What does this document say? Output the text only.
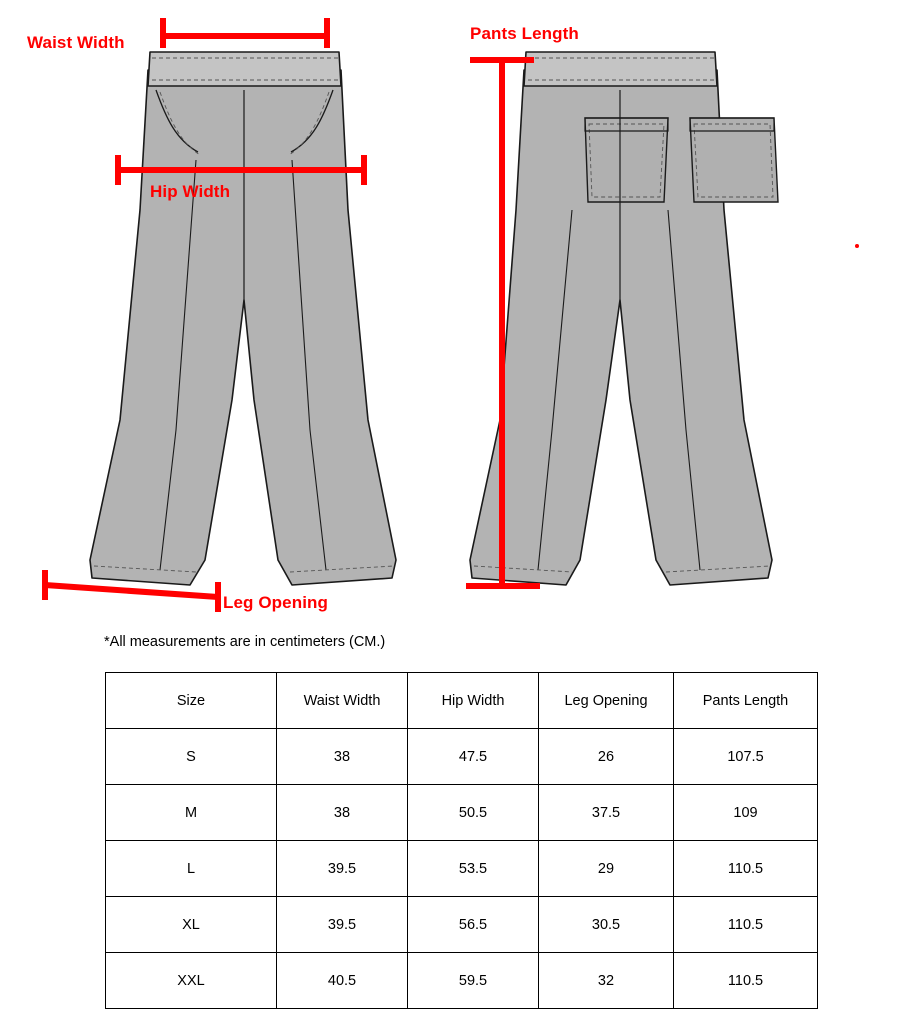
Waist Width
Hip Width
Leg Opening
Pants Length
*All measurements are in centimeters (CM.)
Size	Waist Width	Hip Width	Leg Opening	Pants Length
S	38	47.5	26	107.5
M	38	50.5	37.5	109
L	39.5	53.5	29	110.5
XL	39.5	56.5	30.5	110.5
XXL	40.5	59.5	32	110.5
